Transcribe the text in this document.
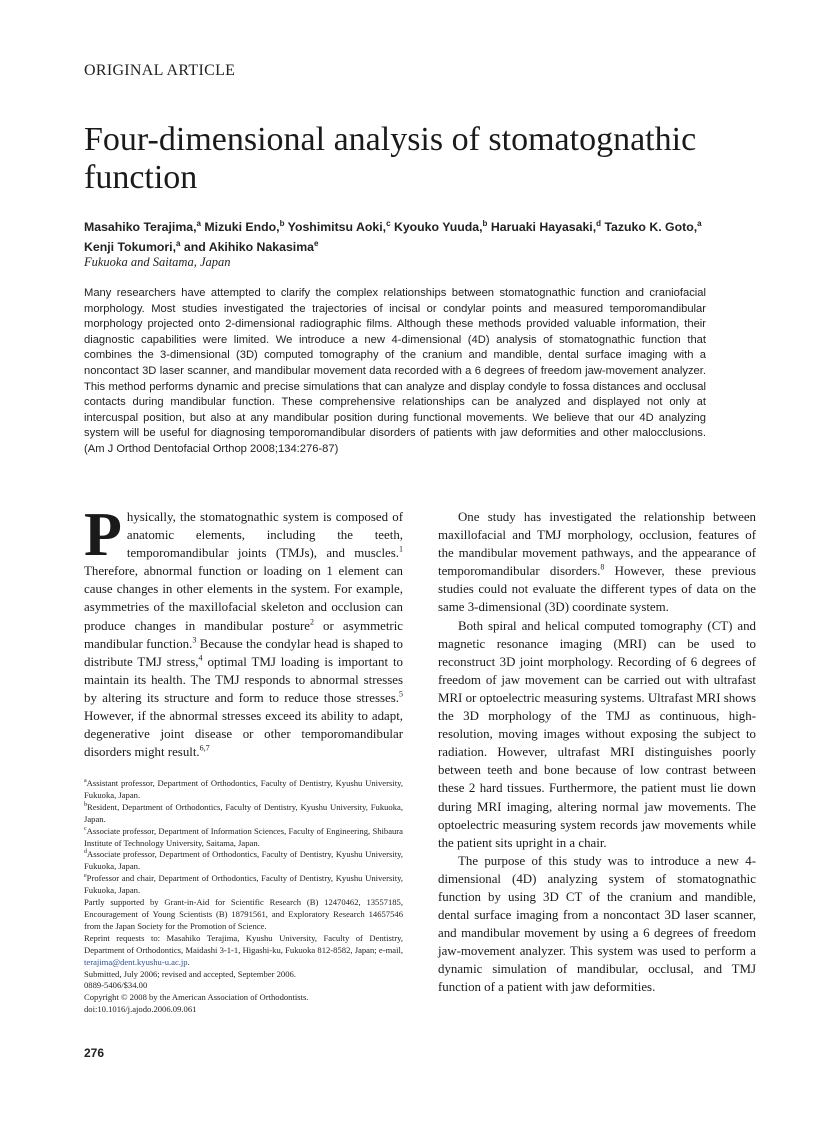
ORIGINAL ARTICLE
Four-dimensional analysis of stomatognathic function
Masahiko Terajima,$^a$ Mizuki Endo,$^b$ Yoshimitsu Aoki,$^c$ Kyouko Yuuda,$^b$ Haruaki Hayasaki,$^d$ Tazuko K. Goto,$^a$
Kenji Tokumori,$^a$ and Akihiko Nakasima$^e$
Fukuoka and Saitama, Japan

Many researchers have attempted to clarify the complex relationships between stomatognathic function and craniofacial morphology. Most studies investigated the trajectories of incisal or condylar points and measured temporomandibular morphology projected onto 2-dimensional radiographic films. Although these methods provided valuable information, their diagnostic capabilities were limited. We introduce a new 4-dimensional (4D) analysis of stomatognathic function that combines the 3-dimensional (3D) computed tomography of the cranium and mandible, dental surface imaging with a noncontact 3D laser scanner, and mandibular movement data recorded with a 6 degrees of freedom jaw-movement analyzer. This method performs dynamic and precise simulations that can analyze and display condyle to fossa distances and occlusal contacts during mandibular function. These comprehensive relationships can be analyzed and displayed not only at intercuspal position, but also at any mandibular position during functional movements. We believe that our 4D analyzing system will be useful for diagnosing temporomandibular disorders of patients with jaw deformities and other malocclusions. (Am J Orthod Dentofacial Orthop 2008;134:276-87)

Physically, the stomatognathic system is composed of anatomic elements, including the teeth, temporomandibular joints (TMJs), and muscles.$^1$ Therefore, abnormal function or loading on 1 element can cause changes in other elements in the system. For example, asymmetries of the maxillofacial skeleton and occlusion can produce changes in mandibular posture$^2$ or asymmetric mandibular function.$^3$ Because the condylar head is shaped to distribute TMJ stress,$^4$ optimal TMJ loading is important to maintain its health. The TMJ responds to abnormal stresses by altering its structure and form to reduce those stresses.$^5$ However, if the abnormal stresses exceed its ability to adapt, degenerative joint disease or other temporomandibular disorders might result.$^{6,7}$

$^a$Assistant professor, Department of Orthodontics, Faculty of Dentistry, Kyushu University, Fukuoka, Japan.
$^b$Resident, Department of Orthodontics, Faculty of Dentistry, Kyushu University, Fukuoka, Japan.
$^c$Associate professor, Department of Information Sciences, Faculty of Engineering, Shibaura Institute of Technology University, Saitama, Japan.
$^d$Associate professor, Department of Orthodontics, Faculty of Dentistry, Kyushu University, Fukuoka, Japan.
$^e$Professor and chair, Department of Orthodontics, Faculty of Dentistry, Kyushu University, Fukuoka, Japan.
Partly supported by Grant-in-Aid for Scientific Research (B) 12470462, 13557185, Encouragement of Young Scientists (B) 18791561, and Exploratory Research 14657546 from the Japan Society for the Promotion of Science.
Reprint requests to: Masahiko Terajima, Kyushu University, Faculty of Dentistry, Department of Orthodontics, Maidashi 3-1-1, Higashi-ku, Fukuoka 812-8582, Japan; e-mail, terajima@dent.kyushu-u.ac.jp.
Submitted, July 2006; revised and accepted, September 2006.
0889-5406/$34.00
Copyright © 2008 by the American Association of Orthodontists.
doi:10.1016/j.ajodo.2006.09.061

One study has investigated the relationship between maxillofacial and TMJ morphology, occlusion, features of the mandibular movement pathways, and the appearance of temporomandibular disorders.$^8$ However, these previous studies could not evaluate the different types of data on the same 3-dimensional (3D) coordinate system.

Both spiral and helical computed tomography (CT) and magnetic resonance imaging (MRI) can be used to reconstruct 3D joint morphology. Recording of 6 degrees of freedom of jaw movement can be carried out with ultrafast MRI or optoelectric measuring systems. Ultrafast MRI shows the 3D morphology of the TMJ as continuous, high-resolution, moving images without exposing the subject to radiation. However, ultrafast MRI distinguishes poorly between teeth and bone because of low contrast between these 2 hard tissues. Furthermore, the patient must lie down during MRI imaging, altering normal jaw movements. The optoelectric measuring system records jaw movements while the patient sits upright in a chair.

The purpose of this study was to introduce a new 4-dimensional (4D) analyzing system of stomatognathic function by using 3D CT of the cranium and mandible, dental surface imaging from a noncontact 3D laser scanner, and mandibular movement by using a 6 degrees of freedom jaw-movement analyzer. This system was used to perform a dynamic simulation of mandibular, occlusal, and TMJ function of a patient with jaw deformities.

276
